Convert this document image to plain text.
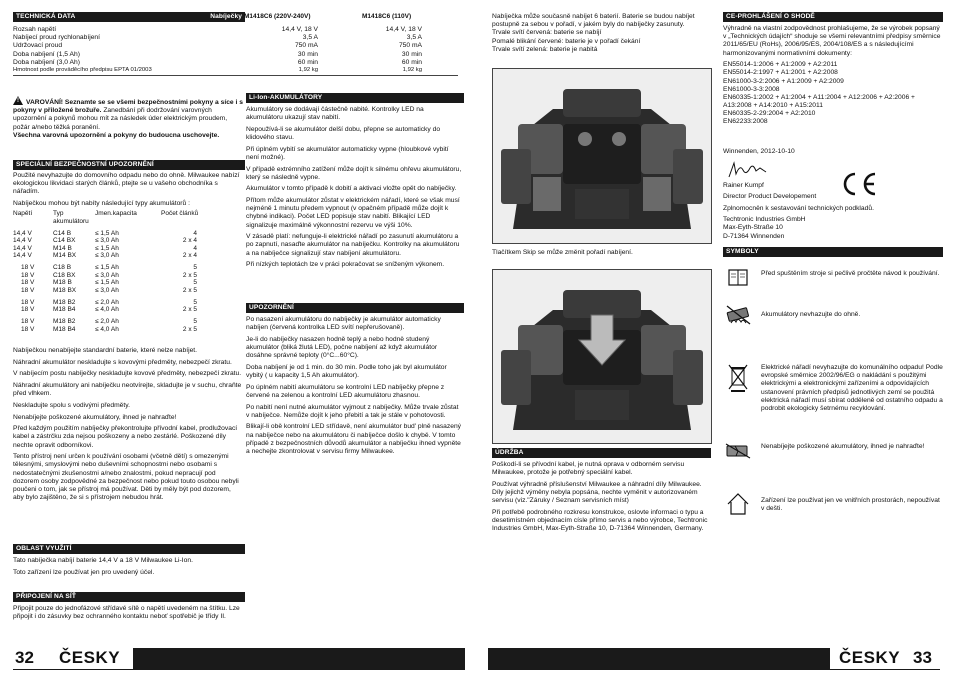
TECHNICKÁ DATA	Nabíječky M1418C6 (220V-240V)	M1418C6 (110V)
Rozsah napětí	14,4 V, 18 V	14,4 V, 18 V
Nabíjecí proud rychlonabíjení	3,5 A	3,5 A
Udržovací proud	750 mA	750 mA
Doba nabíjení (1,5 Ah)	30 min	30 min
Doba nabíjení (3,0 Ah)	60 min	60 min
Hmotnost podle proväděcího předpisu EPTA 01/2003	1,92 kg	1,92 kg

! VAROVÁNÍ! Seznamte se se všemi bezpečnostními pokyny a síce i s pokyny v přiložené brožuře. Zanedbání při dodržování varovných upozornění a pokynů mohou mít za následek úder elektrickým proudem, požár a/nebo těžká poranění.

Všechna varovná upozornění a pokyny do budoucna uschovejte.

SPECIÁLNÍ BEZPEČNOSTNÍ UPOZORNĚNÍ

Použité nevyhazujte do domovního odpadu nebo do ohně. Milwaukee nabízí ekologickou likvidaci starých článků, ptejte se u vašeho obchodníka s nářadím.

Nabíječkou mohou být nabíty následující typy akumulátorů :

Napětí	Typ akumulátoru	Jmen.kapacita	Počet článků

14,4 V	C14 B	≤ 1,5 Ah	4
14,4 V	C14 BX	≤ 3,0 Ah	2 x 4
14,4 V	M14 B	≤ 1,5 Ah	4
14,4 V	M14 BX	≤ 3,0 Ah	2 x 4

18 V	C18 B	≤ 1,5 Ah	5
18 V	C18 BX	≤ 3,0 Ah	2 x 5
18 V	M18 B	≤ 1,5 Ah	5
18 V	M18 BX	≤ 3,0 Ah	2 x 5

18 V	M18 B2	≤ 2,0 Ah	5
18 V	M18 B4	≤ 4,0 Ah	2 x 5

18 V	M18 B2	≤ 2,0 Ah	5
18 V	M18 B4	≤ 4,0 Ah	2 x 5

Nabíječkou nenabíjejte standardní baterie, které nelze nabíjet.

Náhradní akumulátor neskladujte s kovovými předměty, nebezpečí zkratu.

V nabíjecím postu nabíječky neskladujte kovové předměty, nebezpečí zkratu.

Náhradní akumulátory ani nabíječku neotvírejte, skladujte je v suchu, chraňte před vlhkem.

Neskladujte spolu s vodivými předměty.

Nenabíjejte poškozené akumulátory, ihned je nahraďte!

Před každým použitím nabíječky překontrolujte přívodní kabel, prodlužovací kabel a zástrčku zda nejsou poškozeny a nebo zestárlé. Poškozené díly nechte opravit odborníkovi.

Tento přístroj není určen k používání osobami (včetně dětí) s omezenými tělesnými, smyslovými nebo duševními schopnostmi nebo osobami s nedostatečnými zkušenostmi a/nebo znalostmi, pokud nepracují pod dozorem osoby zodpovědné za bezpečnost nebo pokud touto osobou nebyli poučeni o tom, jak se přístroj má používat. Děti by měly být pod dozorem, aby bylo zajištěno, že si s přístrojem nebudou hrát.

OBLAST VYUŽITÍ

Tato nabíječka nabíjí baterie 14,4 V a 18 V Milwaukee Li-Ion.

Toto zařízení lze používat jen pro uvedený účel.

PŘIPOJENÍ NA SÍŤ

Připojit pouze do jednofázové střídavé sítě o napětí uvedeném na štítku. Lze připojit i do zásuvky bez ochranného kontaktu neboť spotřebič je třídy II.

Li-Ion-AKUMULÁTORY

Akumulátory se dodávají částečně nabité. Kontrolky LED na akumulátoru ukazují stav nabití.

Nepoužívá-li se akumulátor delší dobu, přepne se automaticky do klidového stavu.

Při úplném vybití se akumulátor automaticky vypne (hloubkové vybití není možné).

V případě extrémního zatížení může dojít k silnému ohřevu akumulátoru, který se následně vypne.

Akumulátor v tomto případě k dobití a aktivaci vložte opět do nabíječky.

Přítom může akumulátor zůstat v elektrickém nářadí, které se však musí nejméně 1 minutu předem vypnout (v opačném případě může dojít k chybné indikaci). Počet LED popisuje stav nabití. Blikající LED signalizuje maximálně výkonnostní rezervu ve výši 10%.

V zásadě platí: nefunguje-li elektrické nářadí po zasunutí akumulátoru a po zapnutí, nasaďte akumulátor na nabíječku. Kontrolky na akumulátoru a na nabíječce signalizují stav nabíjení akumulátoru.

Při nízkých teplotách lze v práci pokračovat se sníženým výkonem.

UPOZORNĚNÍ

Po nasazení akumulátoru do nabíječky je akumulátor automaticky nabíjen (červená kontrolka LED svítí nepřerušovaně).

Je-li do nabíječky nasazen hodně teplý a nebo hodně studený akumulátor (bliká žlutá LED), počne nabíjení až když akumulátor dosáhne správné teploty (0°C...60°C).

Doba nabíjení je od 1 min. do 30 min. Podle toho jak byl akumulátor vybitý ( u kapacity 1,5 Ah akumulátor).

Po úplném nabití akumulátoru se kontrolní LED nabíječky přepne z červené na zelenou a kontrolní LED akumulátoru zhasnou.

Po nabití není nutné akumulátor vyjmout z nabíječky. Může trvale zůstat v nabíječce. Nemůže dojít k jeho přebití a tak je stále v pohotovosti.

Blikají-li obě kontrolní LED střídavě, není akumulátor bud' plně nasazený na nabíječce nebo na akumulátoru či nabíječce došlo k chybě. V tomto případě z bezpečnostních důvodů akumulátor a nabíječku ihned vypněte a nechejte zkontrolovat v servisu firmy Milwaukee.

32 ČESKY

Nabíječka může současně nabíjet 6 baterií. Baterie se budou nabíjet postupně za sebou v pořadí, v jakém byly do nabíječky zasunuty.

Trvale svítí červená: baterie se nabíjí

Pomalé blikání červené: baterie je v pořadí čekání

Trvale svítí zelená: baterie je nabitá

Tlačítkem Skip se může změnit pořadí nabíjení.
ÚDRŽBA

Poškodí-li se přívodní kabel, je nutná oprava v odborném servisu Milwaukee, protože je potřebný speciální kabel.

Používat výhradně příslušenství Milwaukee a náhradní díly Milwaukee. Díly jejichž výměny nebyla popsána, nechte vyměnit v autorizovaném servisu (viz."Záruky / Seznam servisních míst)

Při potřebě podrobného rozkresu konstrukce, oslovte informaci o typu a desetimístném objednacím císle přímo servis a nebo výrobce, Techtronic Industries GmbH, Max-Eyth-Straße 10, D-71364 Winnenden, Germany.

CE-PROHLÁŠENÍ O SHODĚ

Výhradně na vlastní zodpovědnost prohlašujeme, že se výrobek popsaný v „Technických údajích“ shoduje se všemi relevantními předpisy směrnice 2011/65/EU (RoHs), 2006/95/ES, 2004/108/ES a s následujícími harmonizovanými normativními dokumenty:

EN55014-1:2006 + A1:2009 + A2:2011
EN55014-2:1997 + A1:2001 + A2:2008
EN61000-3-2:2006 + A1:2009 + A2:2009
EN61000-3-3:2008
EN60335-1:2002 + A1:2004 + A11:2004 + A12:2006 + A2:2006 + A13:2008 + A14:2010 + A15:2011
EN60335-2-29:2004 + A2:2010
EN62233:2008
Winnenden, 2012-10-10
Rainer Kumpf
Director Product Developement
Zplnomocněn k sestavování technických podkladů.
Techtronic Industries GmbH
Max-Eyth-Straße 10
D-71364 Winnenden
SYMBOLY
Před spuštěním stroje si pečlivě pročtěte návod k používání.
Akumulátory nevhazujte do ohně.
Elektrické nářadí nevyhazujte do komunálního odpadu! Podle evropské směrnice 2002/96/EG o nakládání s použitými elektrickými a elektronickými zařízeními a odpovídajících ustanovení právních předpisů jednotlivých zemí se použitá elektrická nářadí musí sbírat odděleně od ostatního odpadu a podrobit ekologicky šetrnému recyklování.
Nenabíjejte poškozené akumulátory, ihned je nahraďte!
Zařízení lze používat jen ve vnitřních prostorách, nepoužívat v dešti.
ČESKY 33
